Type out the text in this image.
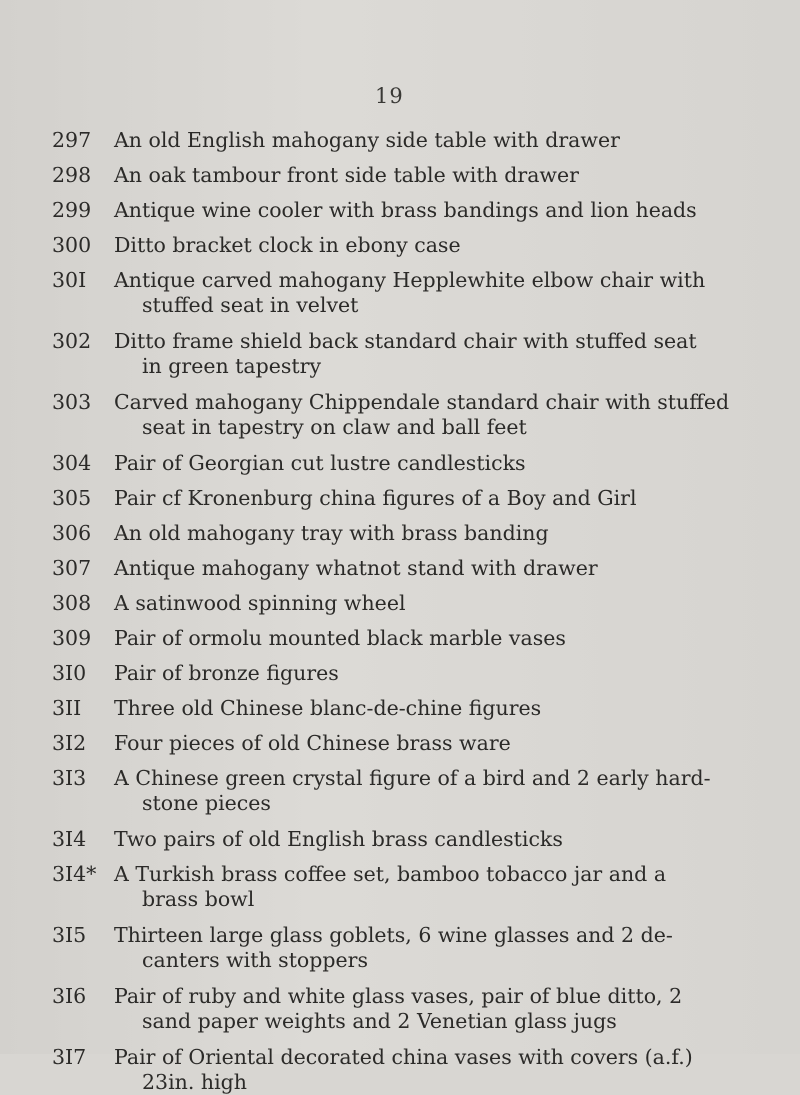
19
297	An old English mahogany side table with drawer
298	An oak tambour front side table with drawer
299	Antique wine cooler with brass bandings and lion heads
300	Ditto bracket clock in ebony case
30I	Antique carved mahogany Hepplewhite elbow chair with
stuffed seat in velvet
302	Ditto frame shield back standard chair with stuffed seat
in green tapestry
303	Carved mahogany Chippendale standard chair with stuffed
seat in tapestry on claw and ball feet
304	Pair of Georgian cut lustre candlesticks
305	Pair cf Kronenburg china figures of a Boy and Girl
306	An old mahogany tray with brass banding
307	Antique mahogany whatnot stand with drawer
308	A satinwood spinning wheel
309	Pair of ormolu mounted black marble vases
3I0	Pair of bronze figures
3II	Three old Chinese blanc-de-chine figures
3I2	Four pieces of old Chinese brass ware
3I3	A Chinese green crystal figure of a bird and 2 early hard-
stone pieces
3I4	Two pairs of old English brass candlesticks
3I4* A Turkish brass coffee set, bamboo tobacco jar and a
brass bowl
3I5	Thirteen large glass goblets, 6 wine glasses and 2 de-
canters with stoppers
3I6	Pair of ruby and white glass vases, pair of blue ditto, 2
sand paper weights and 2 Venetian glass jugs
3I7	Pair of Oriental decorated china vases with covers (a.f.)
23in. high
